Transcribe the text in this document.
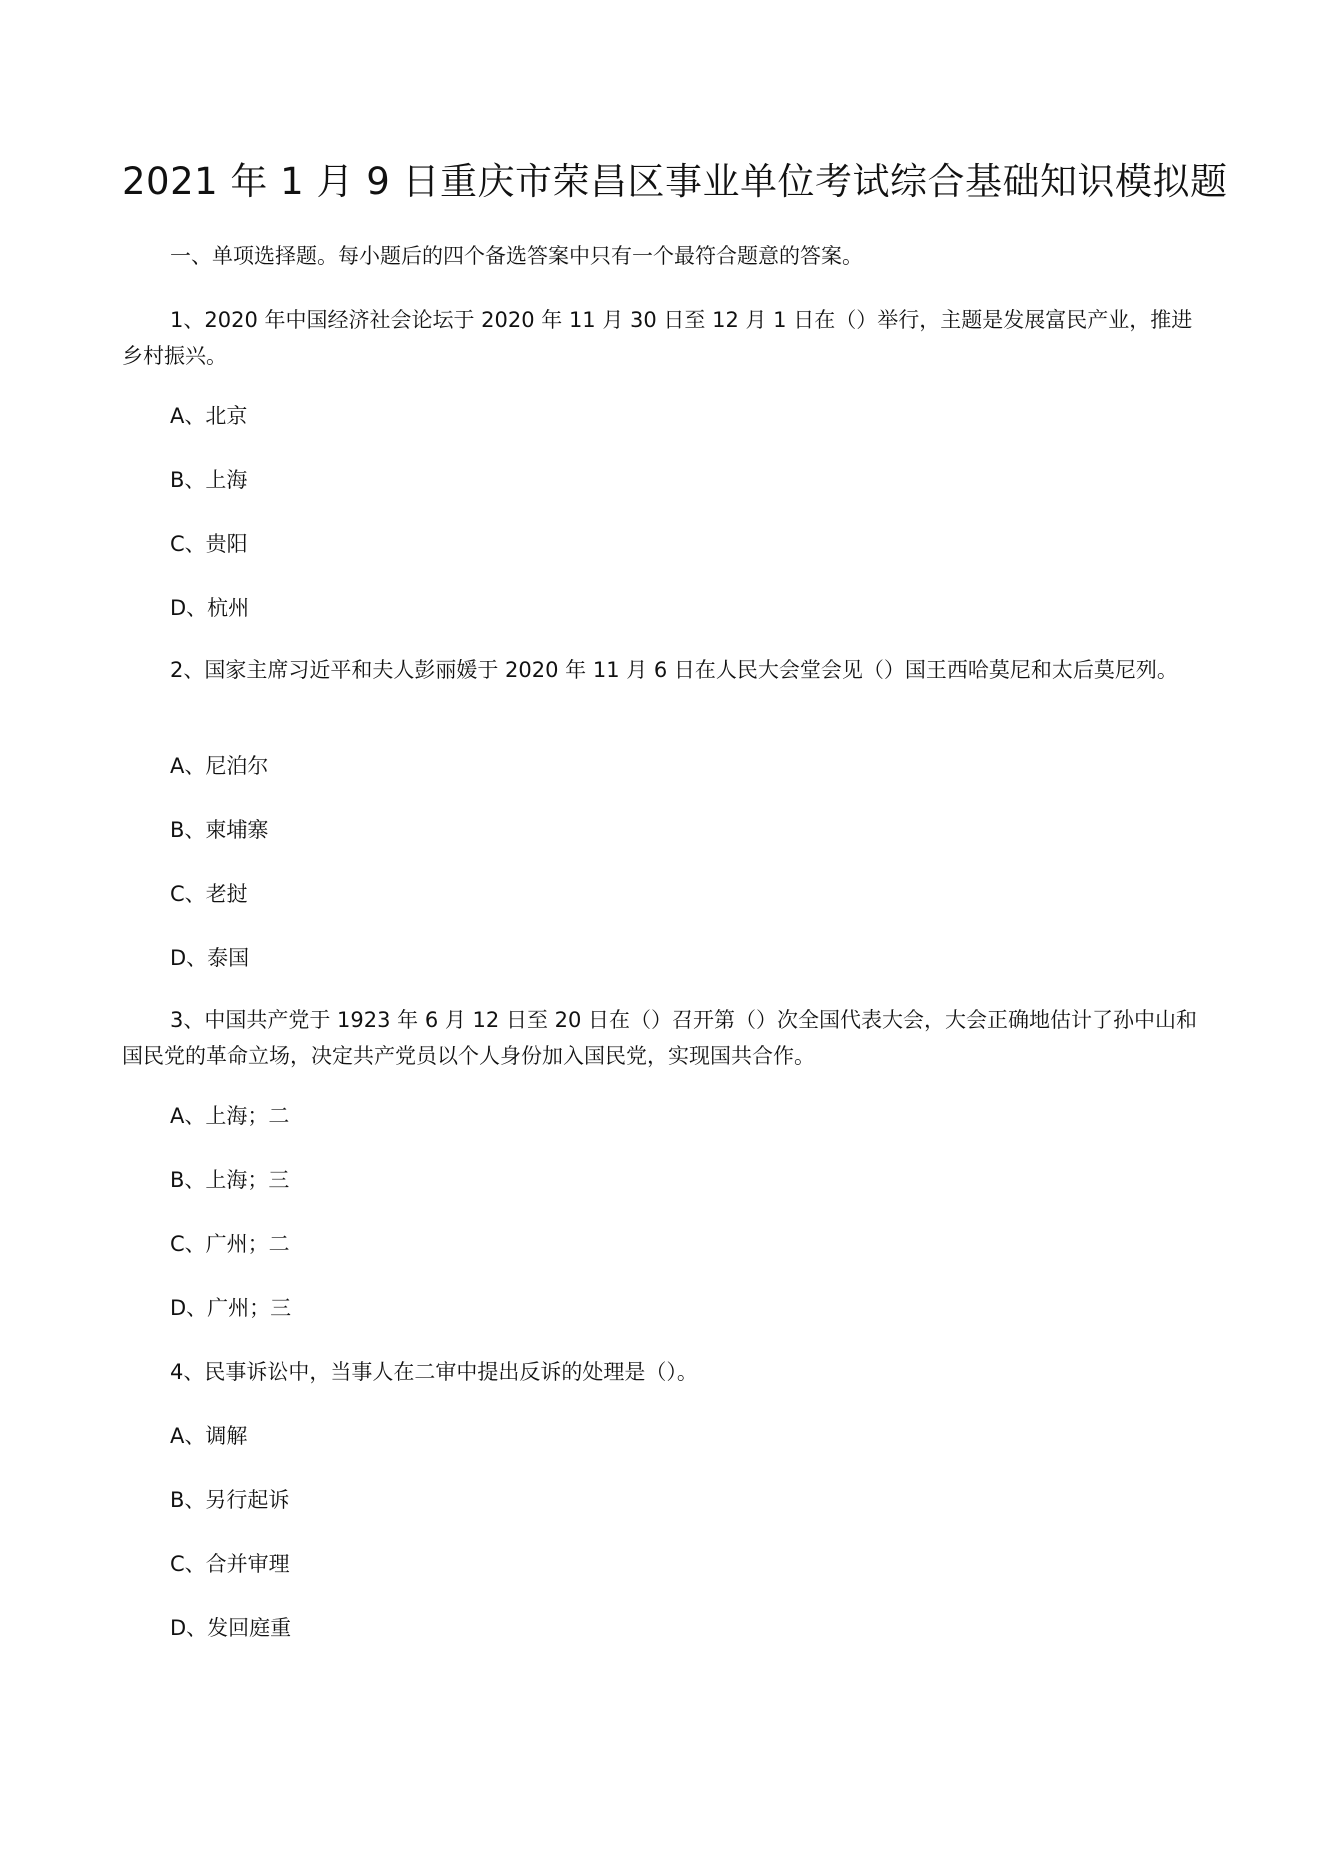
2021 年 1 月 9 日重庆市荣昌区事业单位考试综合基础知识模拟题
一、单项选择题。每小题后的四个备选答案中只有一个最符合题意的答案。
1、2020 年中国经济社会论坛于 2020 年 11 月 30 日至 12 月 1 日在（）举行，主题是发展富民产业，推进乡村振兴。
A、北京
B、上海
C、贵阳
D、杭州
2、国家主席习近平和夫人彭丽媛于 2020 年 11 月 6 日在人民大会堂会见（）国王西哈莫尼和太后莫尼列。
A、尼泊尔
B、柬埔寨
C、老挝
D、泰国
3、中国共产党于 1923 年 6 月 12 日至 20 日在（）召开第（）次全国代表大会，大会正确地估计了孙中山和国民党的革命立场，决定共产党员以个人身份加入国民党，实现国共合作。
A、上海；二
B、上海；三
C、广州；二
D、广州；三
4、民事诉讼中，当事人在二审中提出反诉的处理是（）。
A、调解
B、另行起诉
C、合并审理
D、发回庭重
